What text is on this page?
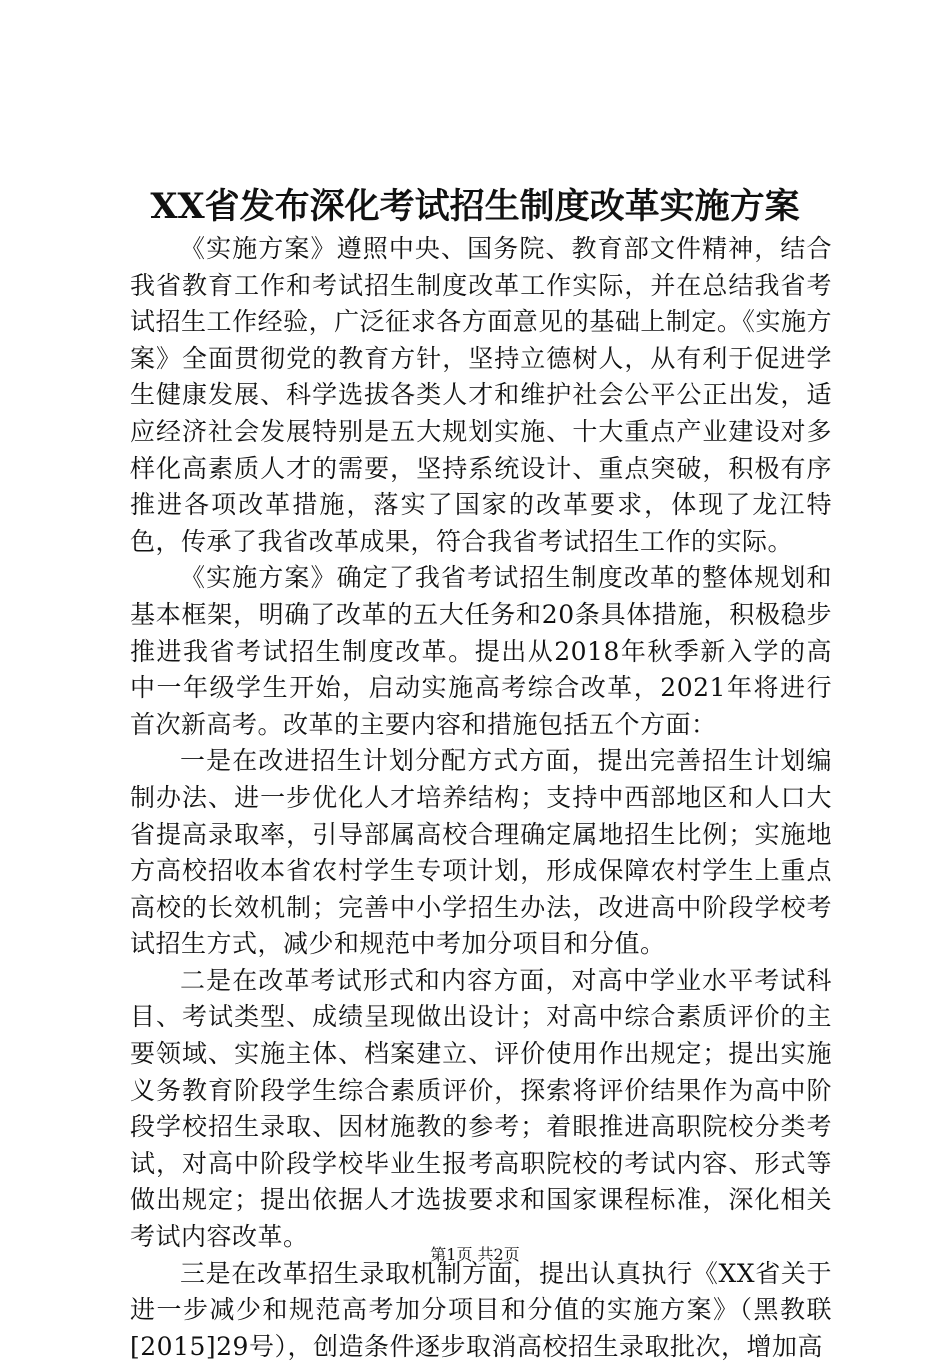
XX省发布深化考试招生制度改革实施方案

《实施方案》遵照中央、国务院、教育部文件精神，结合我省教育工作和考试招生制度改革工作实际，并在总结我省考试招生工作经验，广泛征求各方面意见的基础上制定。《实施方案》全面贯彻党的教育方针，坚持立德树人，从有利于促进学生健康发展、科学选拔各类人才和维护社会公平公正出发，适应经济社会发展特别是五大规划实施、十大重点产业建设对多样化高素质人才的需要，坚持系统设计、重点突破，积极有序推进各项改革措施，落实了国家的改革要求，体现了龙江特色，传承了我省改革成果，符合我省考试招生工作的实际。

《实施方案》确定了我省考试招生制度改革的整体规划和基本框架，明确了改革的五大任务和20条具体措施，积极稳步推进我省考试招生制度改革。提出从2018年秋季新入学的高中一年级学生开始，启动实施高考综合改革，2021年将进行首次新高考。改革的主要内容和措施包括五个方面：

一是在改进招生计划分配方式方面，提出完善招生计划编制办法、进一步优化人才培养结构；支持中西部地区和人口大省提高录取率，引导部属高校合理确定属地招生比例；实施地方高校招收本省农村学生专项计划，形成保障农村学生上重点高校的长效机制；完善中小学招生办法，改进高中阶段学校考试招生方式，减少和规范中考加分项目和分值。

二是在改革考试形式和内容方面，对高中学业水平考试科目、考试类型、成绩呈现做出设计；对高中综合素质评价的主要领域、实施主体、档案建立、评价使用作出规定；提出实施义务教育阶段学生综合素质评价，探索将评价结果作为高中阶段学校招生录取、因材施教的参考；着眼推进高职院校分类考试，对高中阶段学校毕业生报考高职院校的考试内容、形式等做出规定；提出依据人才选拔要求和国家课程标准，深化相关考试内容改革。

三是在改革招生录取机制方面，提出认真执行《XX省关于进一步减少和规范高考加分项目和分值的实施方案》（黑教联[2015]29号），创造条件逐步取消高校招生录取批次，增加高

第1页 共2页
